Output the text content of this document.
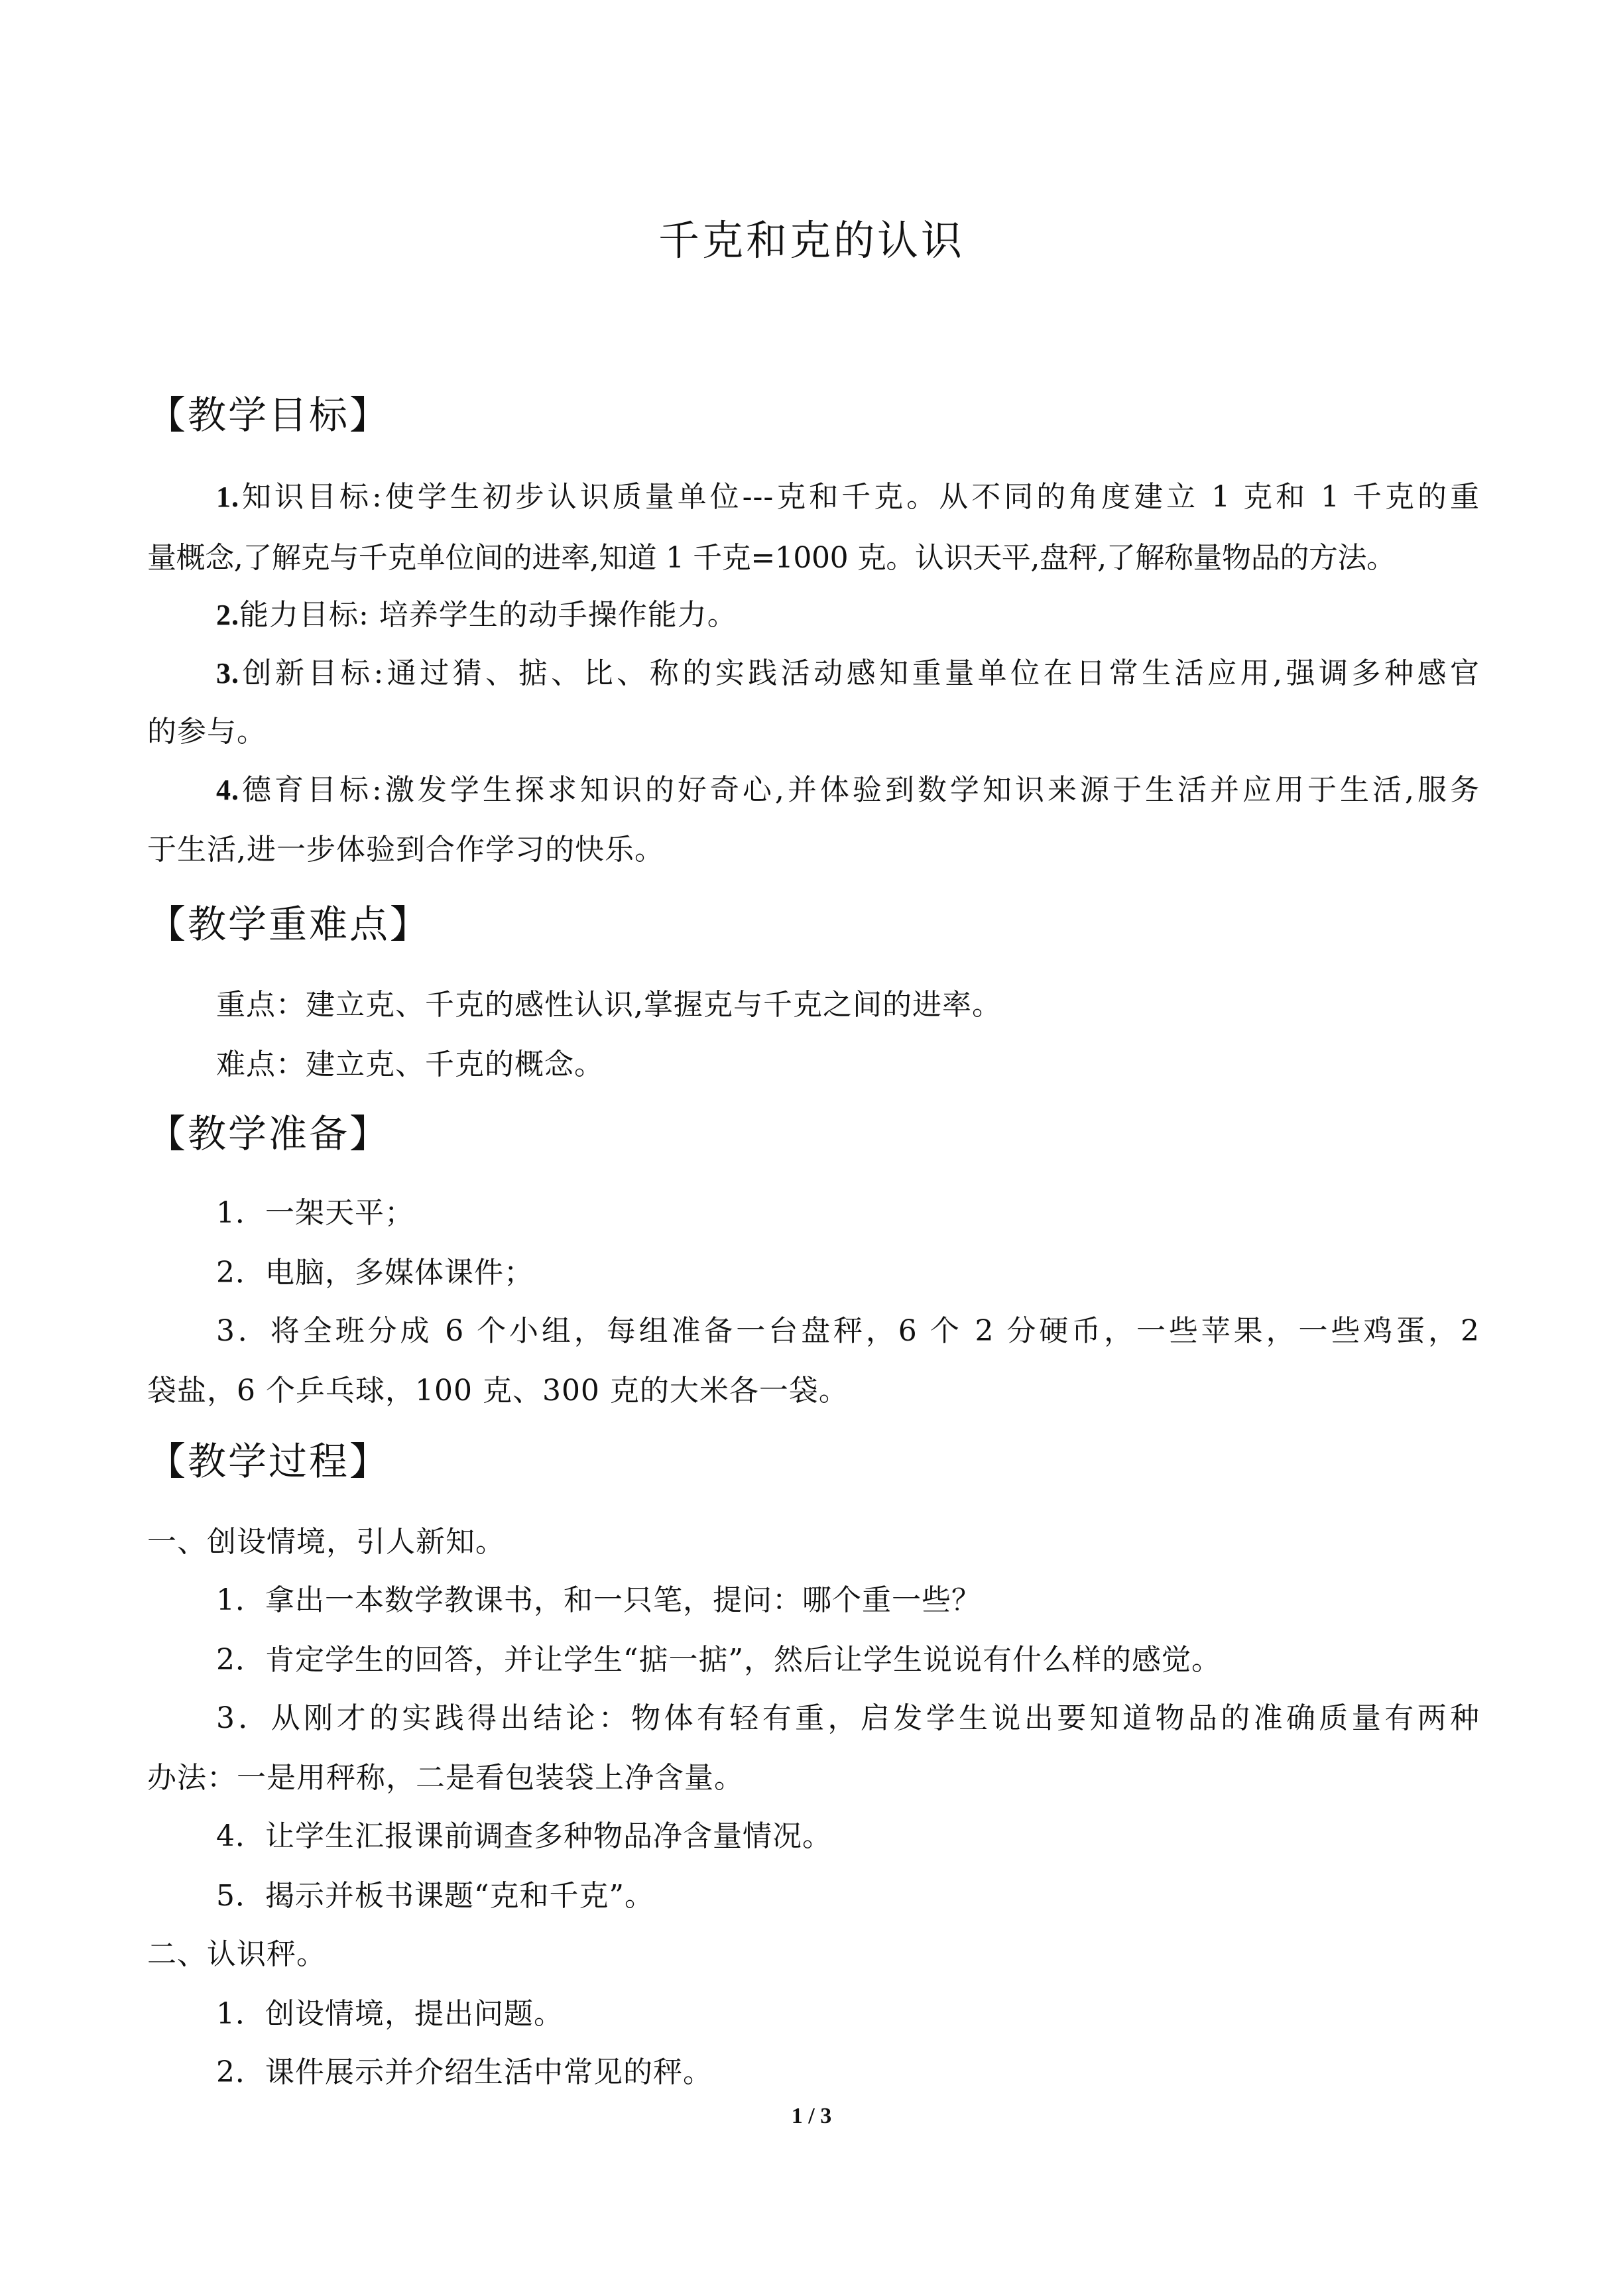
千克和克的认识
【教学目标】
1.知识目标:使学生初步认识质量单位---克和千克。从不同的角度建立 1 克和 1 千克的重
量概念,了解克与千克单位间的进率,知道 1 千克=1000 克。认识天平,盘秤,了解称量物品的方法。
2.能力目标: 培养学生的动手操作能力。
3.创新目标:通过猜、掂、比、称的实践活动感知重量单位在日常生活应用,强调多种感官
的参与。
4.德育目标:激发学生探求知识的好奇心,并体验到数学知识来源于生活并应用于生活,服务
于生活,进一步体验到合作学习的快乐。
【教学重难点】
重点：建立克、千克的感性认识,掌握克与千克之间的进率。
难点：建立克、千克的概念。
【教学准备】
1．一架天平；
2．电脑，多媒体课件；
3．将全班分成 6 个小组，每组准备一台盘秤，6 个 2 分硬币，一些苹果，一些鸡蛋，2
袋盐，6 个乒乓球，100 克、300 克的大米各一袋。
【教学过程】
一、创设情境，引人新知。
1．拿出一本数学教课书，和一只笔，提问：哪个重一些？
2．肯定学生的回答，并让学生“掂一掂”，然后让学生说说有什么样的感觉。
3．从刚才的实践得出结论：物体有轻有重，启发学生说出要知道物品的准确质量有两种
办法：一是用秤称，二是看包装袋上净含量。
4．让学生汇报课前调查多种物品净含量情况。
5．揭示并板书课题“克和千克”。
二、认识秤。
1．创设情境，提出问题。
2．课件展示并介绍生活中常见的秤。
1 / 3
